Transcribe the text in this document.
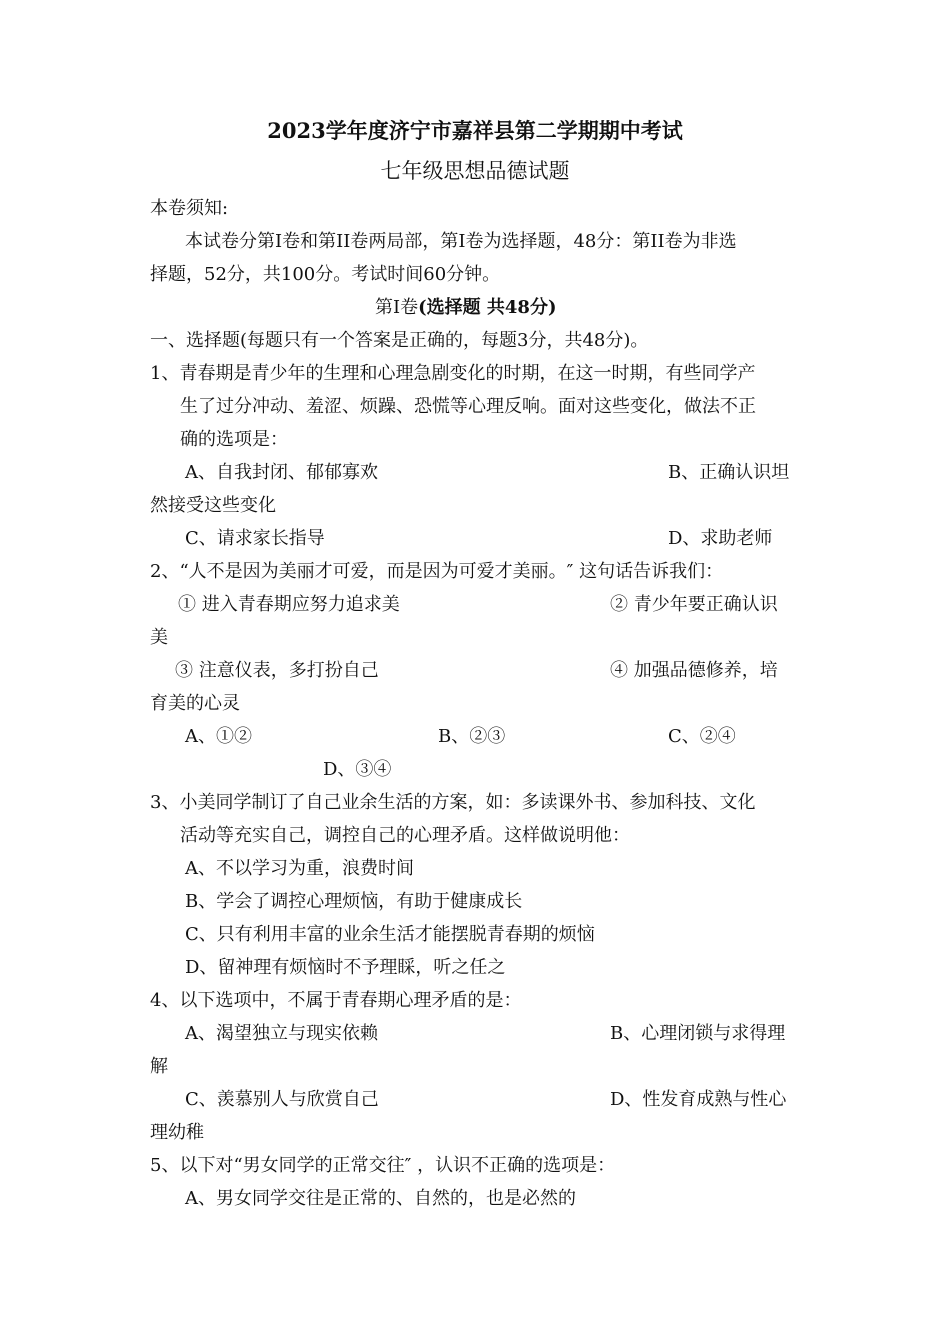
2023学年度济宁市嘉祥县第二学期期中考试
七年级思想品德试题
本卷须知:
本试卷分第I卷和第II卷两局部，第I卷为选择题，48分：第II卷为非选
择题，52分，共100分。考试时间60分钟。
第I卷(选择题 共48分)
一、选择题(每题只有一个答案是正确的，每题3分，共48分)。
1、青春期是青少年的生理和心理急剧变化的时期，在这一时期，有些同学产
生了过分冲动、羞涩、烦躁、恐慌等心理反响。面对这些变化，做法不正
确的选项是：
A、自我封闭、郁郁寡欢	B、正确认识坦
然接受这些变化
C、请求家长指导	D、求助老师
2、“人不是因为美丽才可爱，而是因为可爱才美丽。″ 这句话告诉我们：
① 进入青春期应努力追求美	② 青少年要正确认识
美
③ 注意仪表，多打扮自己	④ 加强品德修养，培
育美的心灵
A、①②	B、②③	C、②④
D、③④
3、小美同学制订了自己业余生活的方案，如：多读课外书、参加科技、文化
活动等充实自己，调控自己的心理矛盾。这样做说明他：
A、不以学习为重，浪费时间
B、学会了调控心理烦恼，有助于健康成长
C、只有利用丰富的业余生活才能摆脱青春期的烦恼
D、留神理有烦恼时不予理睬，听之任之
4、以下选项中，不属于青春期心理矛盾的是：
A、渴望独立与现实依赖	B、心理闭锁与求得理
解
C、羡慕别人与欣赏自己	D、性发育成熟与性心
理幼稚
5、以下对“男女同学的正常交往″ ，认识不正确的选项是：
A、男女同学交往是正常的、自然的，也是必然的
